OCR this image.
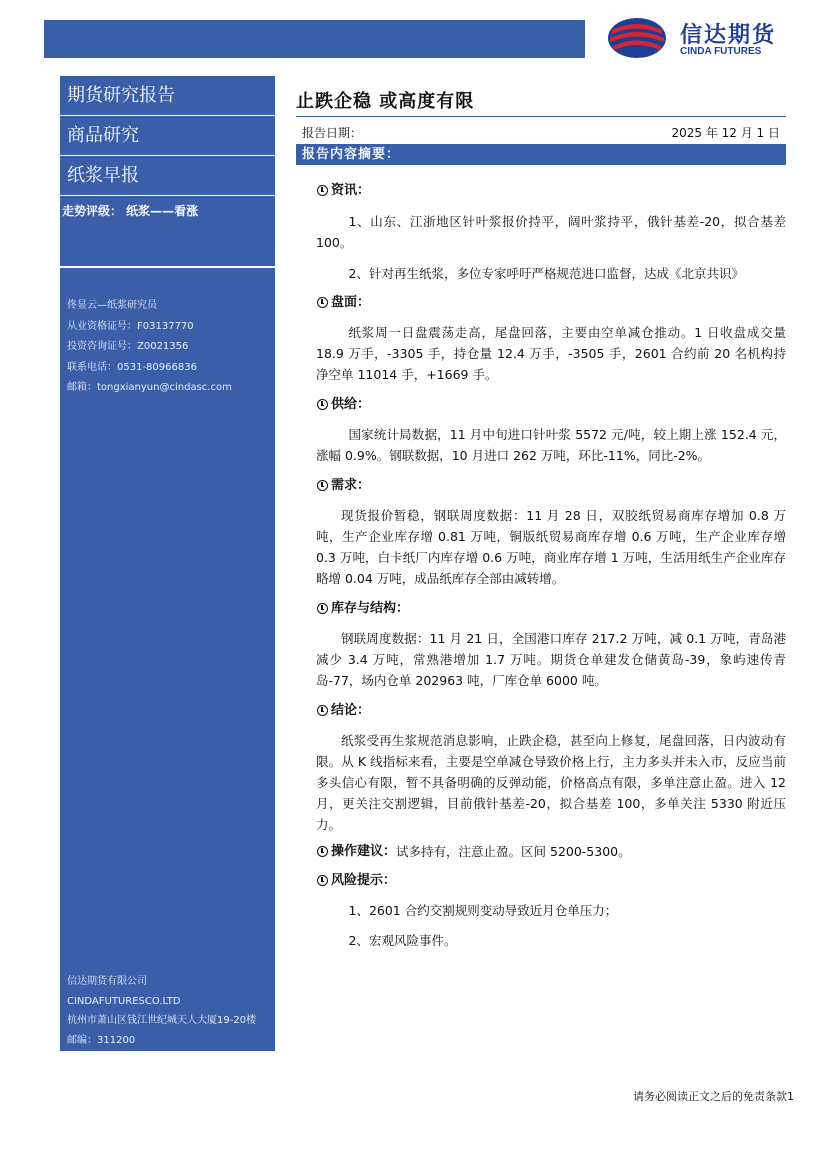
信达期货
CINDA FUTURES
期货研究报告
商品研究
纸浆早报
走势评级： 纸浆——看涨
佟显云—纸浆研究员
从业资格证号：F03137770
投资咨询证号：Z0021356
联系电话：0531-80966836
邮箱：tongxianyun@cindasc.com
信达期货有限公司
CINDAFUTURESCO.LTD
杭州市萧山区钱江世纪城天人大厦19-20楼
邮编：311200
止跌企稳 或高度有限
报告日期：	2025 年 12 月 1 日
报告内容摘要：
资讯：

1、山东、江浙地区针叶浆报价持平，阔叶浆持平，俄针基差-20，拟合基差 100。

2、针对再生纸浆，多位专家呼吁严格规范进口监督，达成《北京共识》

盘面：

纸浆周一日盘震荡走高，尾盘回落，主要由空单减仓推动。1 日收盘成交量 18.9 万手，-3305 手，持仓量 12.4 万手，-3505 手，2601 合约前 20 名机构持净空单 11014 手，+1669 手。

供给：

国家统计局数据，11 月中旬进口针叶浆 5572 元/吨，较上期上涨 152.4 元，涨幅 0.9%。钢联数据，10 月进口 262 万吨，环比-11%，同比-2%。

需求：

现货报价暂稳，钢联周度数据：11 月 28 日，双胶纸贸易商库存增加 0.8 万吨，生产企业库存增 0.81 万吨，铜版纸贸易商库存增 0.6 万吨，生产企业库存增 0.3 万吨，白卡纸厂内库存增 0.6 万吨，商业库存增 1 万吨，生活用纸生产企业库存略增 0.04 万吨，成品纸库存全部由减转增。

库存与结构：

钢联周度数据：11 月 21 日，全国港口库存 217.2 万吨，减 0.1 万吨，青岛港减少 3.4 万吨，常熟港增加 1.7 万吨。期货仓单建发仓储黄岛-39，象屿速传青岛-77，场内仓单 202963 吨，厂库仓单 6000 吨。

结论：

纸浆受再生浆规范消息影响，止跌企稳，甚至向上修复，尾盘回落，日内波动有限。从 K 线指标来看，主要是空单减仓导致价格上行，主力多头并未入市，反应当前多头信心有限，暂不具备明确的反弹动能，价格高点有限，多单注意止盈。进入 12 月，更关注交割逻辑，目前俄针基差-20，拟合基差 100，多单关注 5330 附近压力。

操作建议： 试多持有，注意止盈。区间 5200-5300。
风险提示：

1、2601 合约交割规则变动导致近月仓单压力；

2、宏观风险事件。

请务必阅读正文之后的免责条款1
